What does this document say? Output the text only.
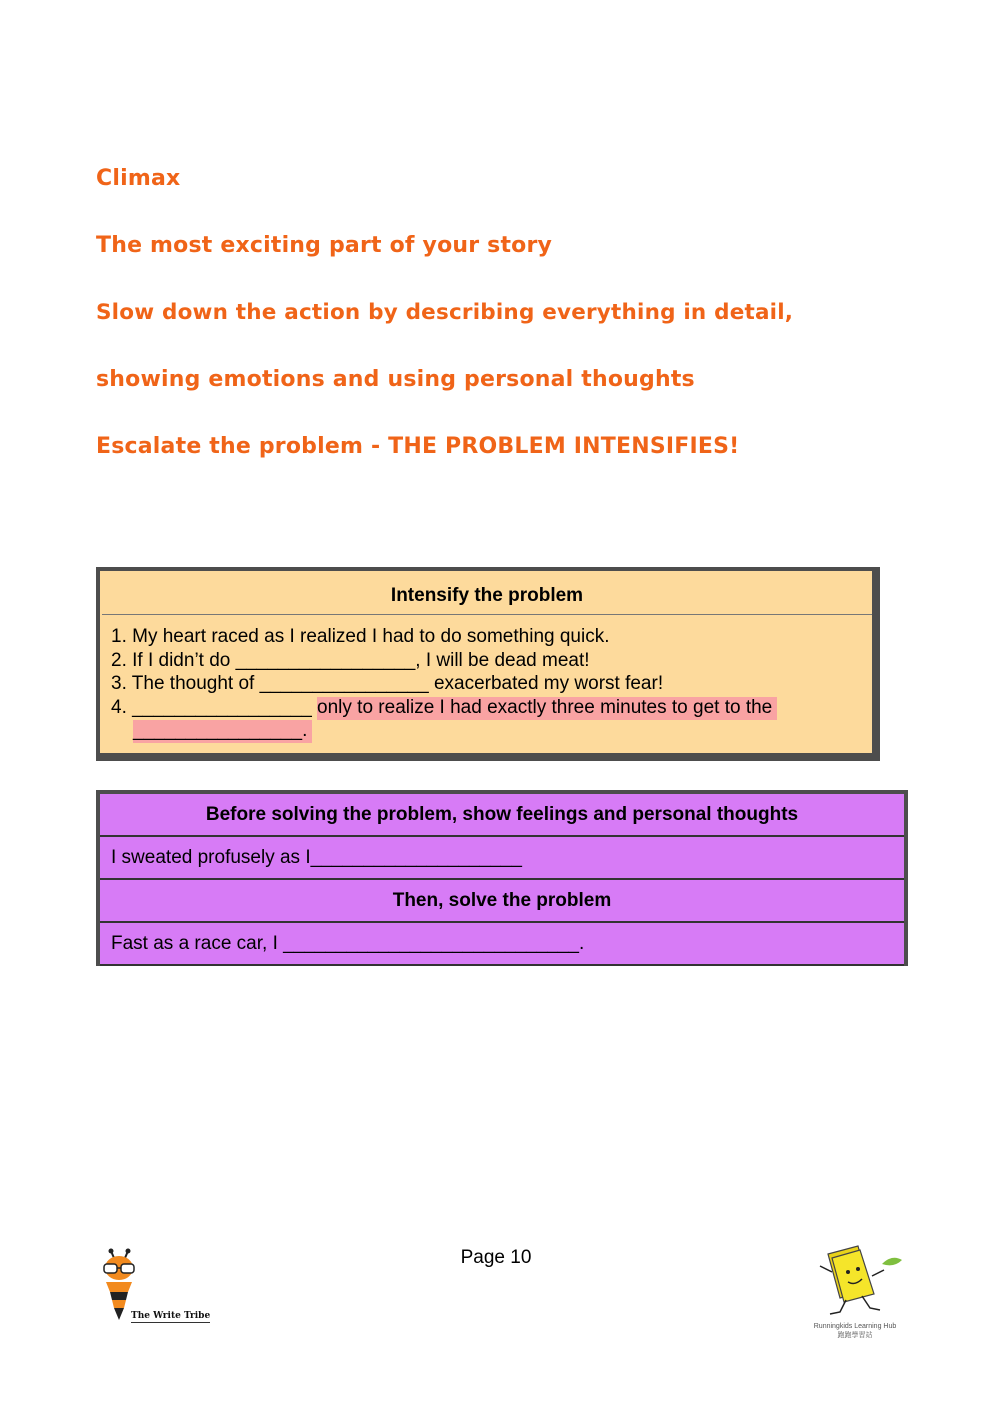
Climax
The most exciting part of your story
Slow down the action by describing everything in detail,
showing emotions and using personal thoughts
Escalate the problem - THE PROBLEM INTENSIFIES!
Intensify the problem
1. My heart raced as I realized I had to do something quick.
2. If I didn’t do _________________, I will be dead meat!
3. The thought of ________________ exacerbated my worst fear!
4. _________________ only to realize I had exactly three minutes to get to the
________________.
Before solving the problem, show feelings and personal thoughts
I sweated profusely as I____________________
Then, solve the problem
Fast as a race car, I ____________________________.
Page 10
The Write Tribe
Runningkids Learning Hub
跑跑學習站
